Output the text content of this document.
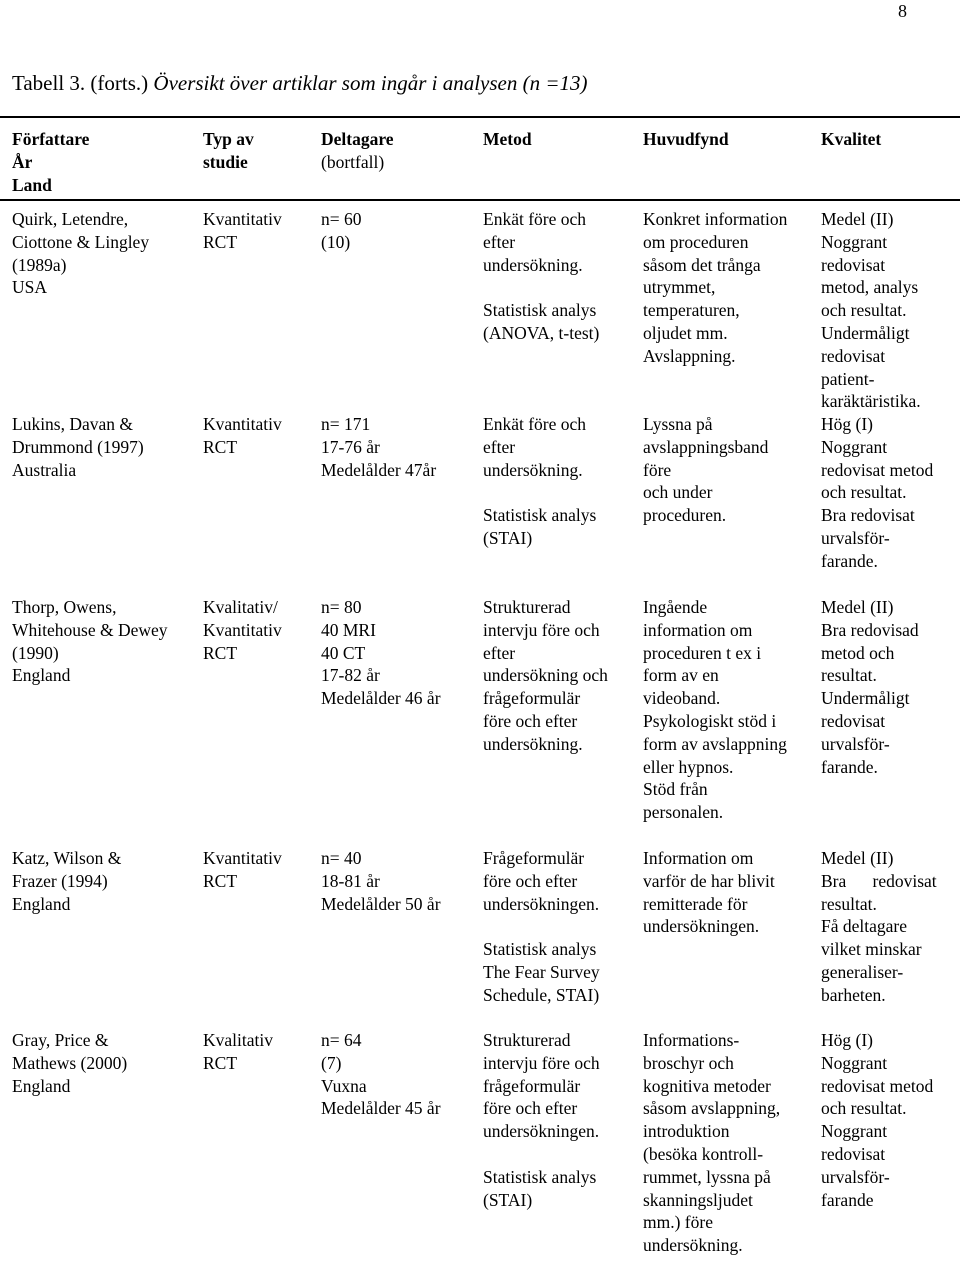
8
Tabell 3. (forts.) Översikt över artiklar som ingår i analysen (n =13)
Författare
År
Land
Typ av
studie
Deltagare
(bortfall)
Metod	Huvudfynd	Kvalitet
Quirk, Letendre,
Ciottone & Lingley
(1989a)
USA
Kvantitativ
RCT
n= 60
(10)
Enkät före och
efter
undersökning.
Statistisk analys
(ANOVA, t-test)
Konkret information
om proceduren
såsom det trånga
utrymmet,
temperaturen,
oljudet mm.
Avslappning.
Medel (II)
Noggrant
redovisat
metod, analys
och resultat.
Undermåligt
redovisat
patient-
karäktäristika.
Lukins, Davan &
Drummond (1997)
Australia
Kvantitativ
RCT
n= 171
17-76 år
Medelålder 47år
Enkät före och
efter
undersökning.
Statistisk analys
(STAI)
Lyssna på
avslappningsband
före
och under
proceduren.
Hög (I)
Noggrant
redovisat metod
och resultat.
Bra redovisat
urvalsför-
farande.
Thorp, Owens,
Whitehouse & Dewey
(1990)
England
Kvalitativ/
Kvantitativ
RCT
n= 80
40 MRI
40 CT
17-82 år
Medelålder 46 år
Strukturerad
intervju före och
efter
undersökning och
frågeformulär
före och efter
undersökning.
Ingående
information om
proceduren t ex i
form av en
videoband.
Psykologiskt stöd i
form av avslappning
eller hypnos.
Stöd från
personalen.
Medel (II)
Bra redovisad
metod och
resultat.
Undermåligt
redovisat
urvalsför-
farande.
Katz, Wilson &
Frazer (1994)
England
Kvantitativ
RCT
n= 40
18-81 år
Medelålder 50 år
Frågeformulär
före och efter
undersökningen.
Statistisk analys
The Fear Survey
Schedule, STAI)
Information om
varför de har blivit
remitterade för
undersökningen.
Medel (II)
Bra      redovisat
resultat.
Få deltagare
vilket minskar
generaliser-
barheten.
Gray, Price &
Mathews (2000)
England
Kvalitativ
RCT
n= 64
(7)
Vuxna
Medelålder 45 år
Strukturerad
intervju före och
frågeformulär
före och efter
undersökningen.
Statistisk analys
(STAI)
Informations-
broschyr och
kognitiva metoder
såsom avslappning,
introduktion
(besöka kontroll-
rummet, lyssna på
skanningsljudet
mm.) före
undersökning.
Hög (I)
Noggrant
redovisat metod
och resultat.
Noggrant
redovisat
urvalsför-
farande
